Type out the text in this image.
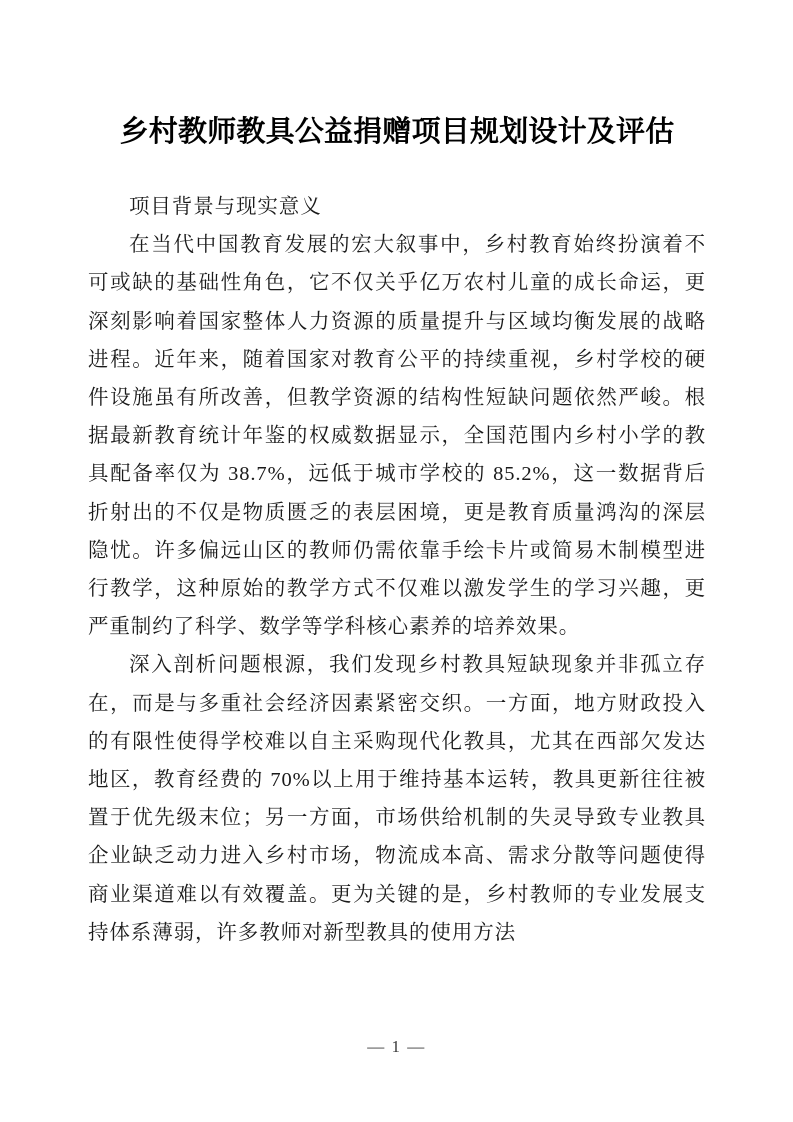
乡村教师教具公益捐赠项目规划设计及评估

项目背景与现实意义

在当代中国教育发展的宏大叙事中，乡村教育始终扮演着不可或缺的基础性角色，它不仅关乎亿万农村儿童的成长命运，更深刻影响着国家整体人力资源的质量提升与区域均衡发展的战略进程。近年来，随着国家对教育公平的持续重视，乡村学校的硬件设施虽有所改善，但教学资源的结构性短缺问题依然严峻。根据最新教育统计年鉴的权威数据显示，全国范围内乡村小学的教具配备率仅为 38.7%，远低于城市学校的 85.2%，这一数据背后折射出的不仅是物质匮乏的表层困境，更是教育质量鸿沟的深层隐忧。许多偏远山区的教师仍需依靠手绘卡片或简易木制模型进行教学，这种原始的教学方式不仅难以激发学生的学习兴趣，更严重制约了科学、数学等学科核心素养的培养效果。

深入剖析问题根源，我们发现乡村教具短缺现象并非孤立存在，而是与多重社会经济因素紧密交织。一方面，地方财政投入的有限性使得学校难以自主采购现代化教具，尤其在西部欠发达地区，教育经费的 70%以上用于维持基本运转，教具更新往往被置于优先级末位；另一方面，市场供给机制的失灵导致专业教具企业缺乏动力进入乡村市场，物流成本高、需求分散等问题使得商业渠道难以有效覆盖。更为关键的是，乡村教师的专业发展支持体系薄弱，许多教师对新型教具的使用方法

— 1 —
